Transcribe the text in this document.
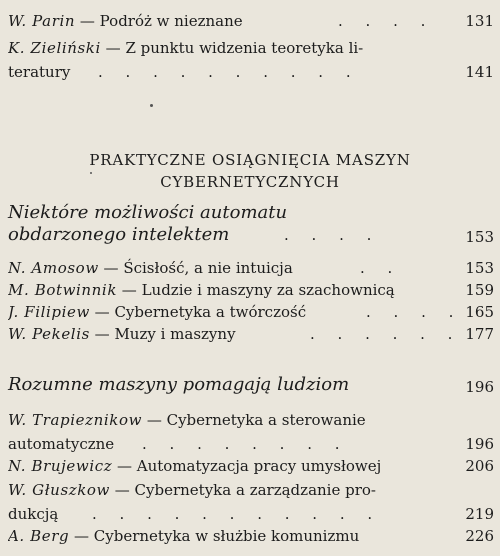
W. Parin — Podróż w nieznane	. . . . 131
K. Zieliński — Z punktu widzenia teoretyka li-
teratury . . . . . . . . . .	141
PRAKTYCZNE OSIĄGNIĘCIA MASZYN
CYBERNETYCZNYCH
Niektóre możliwości automatu
obdarzonego intelektem	. . . .	153
N. Amosow — Ścisłość, a nie intuicja	. .	153
M. Botwinnik — Ludzie i maszyny za szachownicą	159
J. Filipiew — Cybernetyka a twórczość	. . . . 165
W. Pekelis — Muzy i maszyny	. . . . . . 177
Rozumne maszyny pomagają ludziom	196
W. Trapieznikow — Cybernetyka a sterowanie
automatyczne . . . . . . . .	196
N. Brujewicz — Automatyzacja pracy umysłowej	206
W. Głuszkow — Cybernetyka a zarządzanie pro-
dukcją . . . . . . . . . . .	219
A. Berg — Cybernetyka w służbie komunizmu	226
